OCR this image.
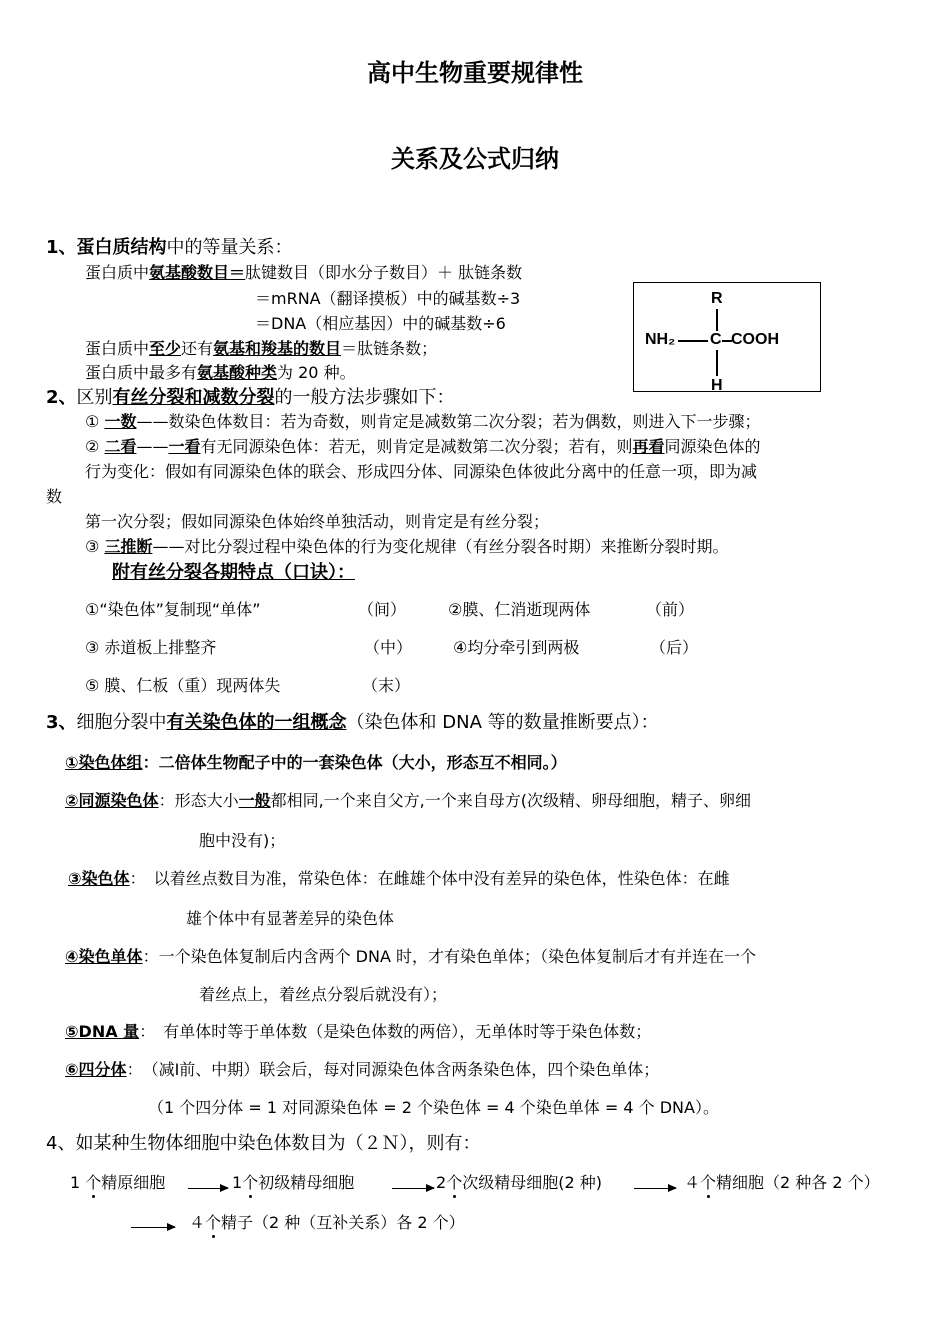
高中生物重要规律性
关系及公式归纳
1、蛋白质结构中的等量关系：
蛋白质中氨基酸数目＝肽键数目（即水分子数目）＋ 肽链条数
＝mRNA（翻译摸板）中的碱基数÷3
＝DNA（相应基因）中的碱基数÷6
蛋白质中至少还有氨基和羧基的数目＝肽链条数；
蛋白质中最多有氨基酸种类为 20 种。
R
NH₂ C COOH
H
2、区别有丝分裂和减数分裂的一般方法步骤如下：
① 一数——数染色体数目：若为奇数，则肯定是减数第二次分裂；若为偶数，则进入下一步骤；
② 二看——一看有无同源染色体：若无，则肯定是减数第二次分裂；若有，则再看同源染色体的
行为变化：假如有同源染色体的联会、形成四分体、同源染色体彼此分离中的任意一项，即为减
数
第一次分裂；假如同源染色体始终单独活动，则肯定是有丝分裂；
③ 三推断——对比分裂过程中染色体的行为变化规律（有丝分裂各时期）来推断分裂时期。
附有丝分裂各期特点（口诀）：
①“染色体”复制现“单体”	（间）	②膜、仁消逝现两体	（前）
③ 赤道板上排整齐	（中）	④均分牵引到两极	（后）
⑤ 膜、仁板（重）现两体失	（末）
3、细胞分裂中有关染色体的一组概念（染色体和 DNA 等的数量推断要点）：
①染色体组：二倍体生物配子中的一套染色体（大小，形态互不相同。）
②同源染色体：形态大小一般都相同,一个来自父方,一个来自母方(次级精、卵母细胞，精子、卵细
胞中没有)；
③染色体：　以着丝点数目为准，常染色体：在雌雄个体中没有差异的染色体，性染色体：在雌
雄个体中有显著差异的染色体
④染色单体：一个染色体复制后内含两个 DNA 时，才有染色单体；（染色体复制后才有并连在一个
着丝点上，着丝点分裂后就没有）；
⑤DNA 量：　有单体时等于单体数（是染色体数的两倍），无单体时等于染色体数；
⑥四分体：　（减Ⅰ前、中期）联会后，每对同源染色体含两条染色体，四个染色单体；
（1 个四分体 = 1 对同源染色体 = 2 个染色体 = 4 个染色单体 = 4 个 DNA）。
4、如某种生物体细胞中染色体数目为（２Ｎ），则有：
1 个精原细胞	1个初级精母细胞	2个次级精母细胞(2 种)	４个精细胞（2 种各 2 个）
４个精子（2 种（互补关系）各 2 个）
